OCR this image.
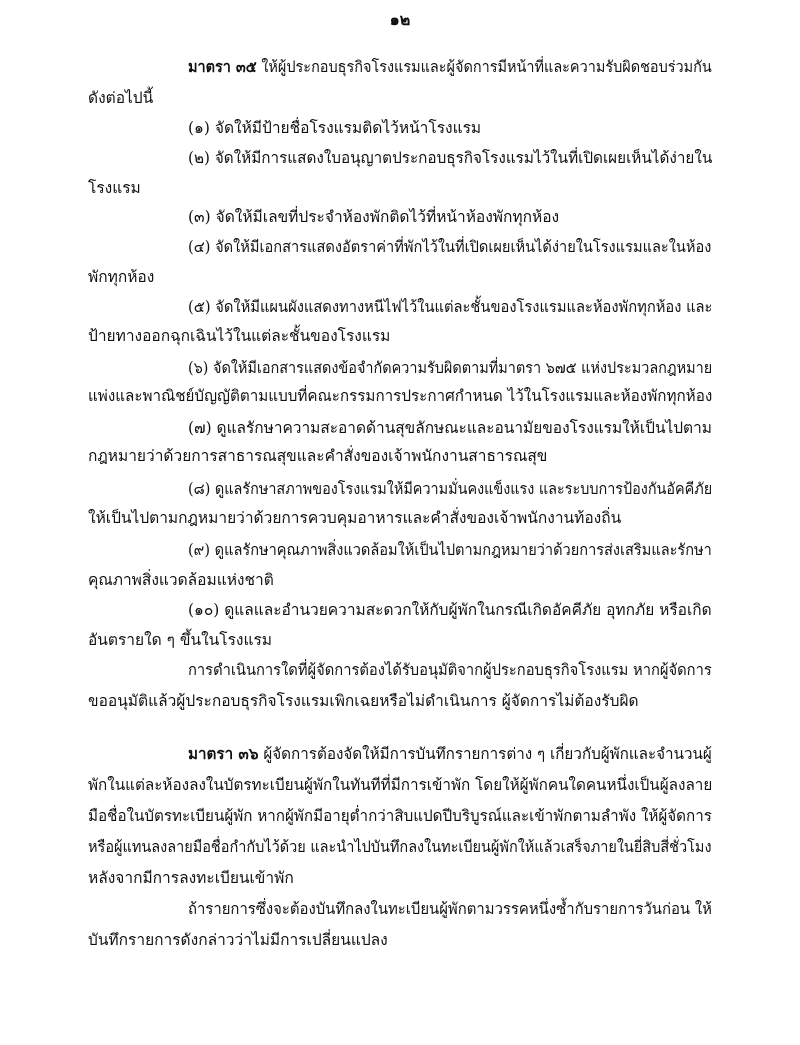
๑๒
มาตรา ๓๕ ให้ผู้ประกอบธุรกิจโรงแรมและผู้จัดการมีหน้าที่และความรับผิดชอบร่วมกัน
ดังต่อไปนี้
(๑) จัดให้มีป้ายชื่อโรงแรมติดไว้หน้าโรงแรม
(๒) จัดให้มีการแสดงใบอนุญาตประกอบธุรกิจโรงแรมไว้ในที่เปิดเผยเห็นได้ง่ายใน
โรงแรม
(๓) จัดให้มีเลขที่ประจำห้องพักติดไว้ที่หน้าห้องพักทุกห้อง
(๔) จัดให้มีเอกสารแสดงอัตราค่าที่พักไว้ในที่เปิดเผยเห็นได้ง่ายในโรงแรมและในห้อง
พักทุกห้อง
(๕) จัดให้มีแผนผังแสดงทางหนีไฟไว้ในแต่ละชั้นของโรงแรมและห้องพักทุกห้อง และ
ป้ายทางออกฉุกเฉินไว้ในแต่ละชั้นของโรงแรม
(๖) จัดให้มีเอกสารแสดงข้อจำกัดความรับผิดตามที่มาตรา ๖๗๕ แห่งประมวลกฎหมาย
แพ่งและพาณิชย์บัญญัติตามแบบที่คณะกรรมการประกาศกำหนด ไว้ในโรงแรมและห้องพักทุกห้อง
(๗) ดูแลรักษาความสะอาดด้านสุขลักษณะและอนามัยของโรงแรมให้เป็นไปตาม
กฎหมายว่าด้วยการสาธารณสุขและคำสั่งของเจ้าพนักงานสาธารณสุข
(๘) ดูแลรักษาสภาพของโรงแรมให้มีความมั่นคงแข็งแรง และระบบการป้องกันอัคคีภัย
ให้เป็นไปตามกฎหมายว่าด้วยการควบคุมอาหารและคำสั่งของเจ้าพนักงานท้องถิ่น
(๙) ดูแลรักษาคุณภาพสิ่งแวดล้อมให้เป็นไปตามกฎหมายว่าด้วยการส่งเสริมและรักษา
คุณภาพสิ่งแวดล้อมแห่งชาติ
(๑๐) ดูแลและอำนวยความสะดวกให้กับผู้พักในกรณีเกิดอัคคีภัย อุทกภัย หรือเกิด
อันตรายใด ๆ ขึ้นในโรงแรม
การดำเนินการใดที่ผู้จัดการต้องได้รับอนุมัติจากผู้ประกอบธุรกิจโรงแรม หากผู้จัดการ
ขออนุมัติแล้วผู้ประกอบธุรกิจโรงแรมเพิกเฉยหรือไม่ดำเนินการ ผู้จัดการไม่ต้องรับผิด
มาตรา ๓๖ ผู้จัดการต้องจัดให้มีการบันทึกรายการต่าง ๆ เกี่ยวกับผู้พักและจำนวนผู้
พักในแต่ละห้องลงในบัตรทะเบียนผู้พักในทันทีที่มีการเข้าพัก โดยให้ผู้พักคนใดคนหนึ่งเป็นผู้ลงลาย
มือชื่อในบัตรทะเบียนผู้พัก หากผู้พักมีอายุต่ำกว่าสิบแปดปีบริบูรณ์และเข้าพักตามลำพัง ให้ผู้จัดการ
หรือผู้แทนลงลายมือชื่อกำกับไว้ด้วย และนำไปบันทึกลงในทะเบียนผู้พักให้แล้วเสร็จภายในยี่สิบสี่ชั่วโมง
หลังจากมีการลงทะเบียนเข้าพัก
ถ้ารายการซึ่งจะต้องบันทึกลงในทะเบียนผู้พักตามวรรคหนึ่งซ้ำกับรายการวันก่อน ให้
บันทึกรายการดังกล่าวว่าไม่มีการเปลี่ยนแปลง
